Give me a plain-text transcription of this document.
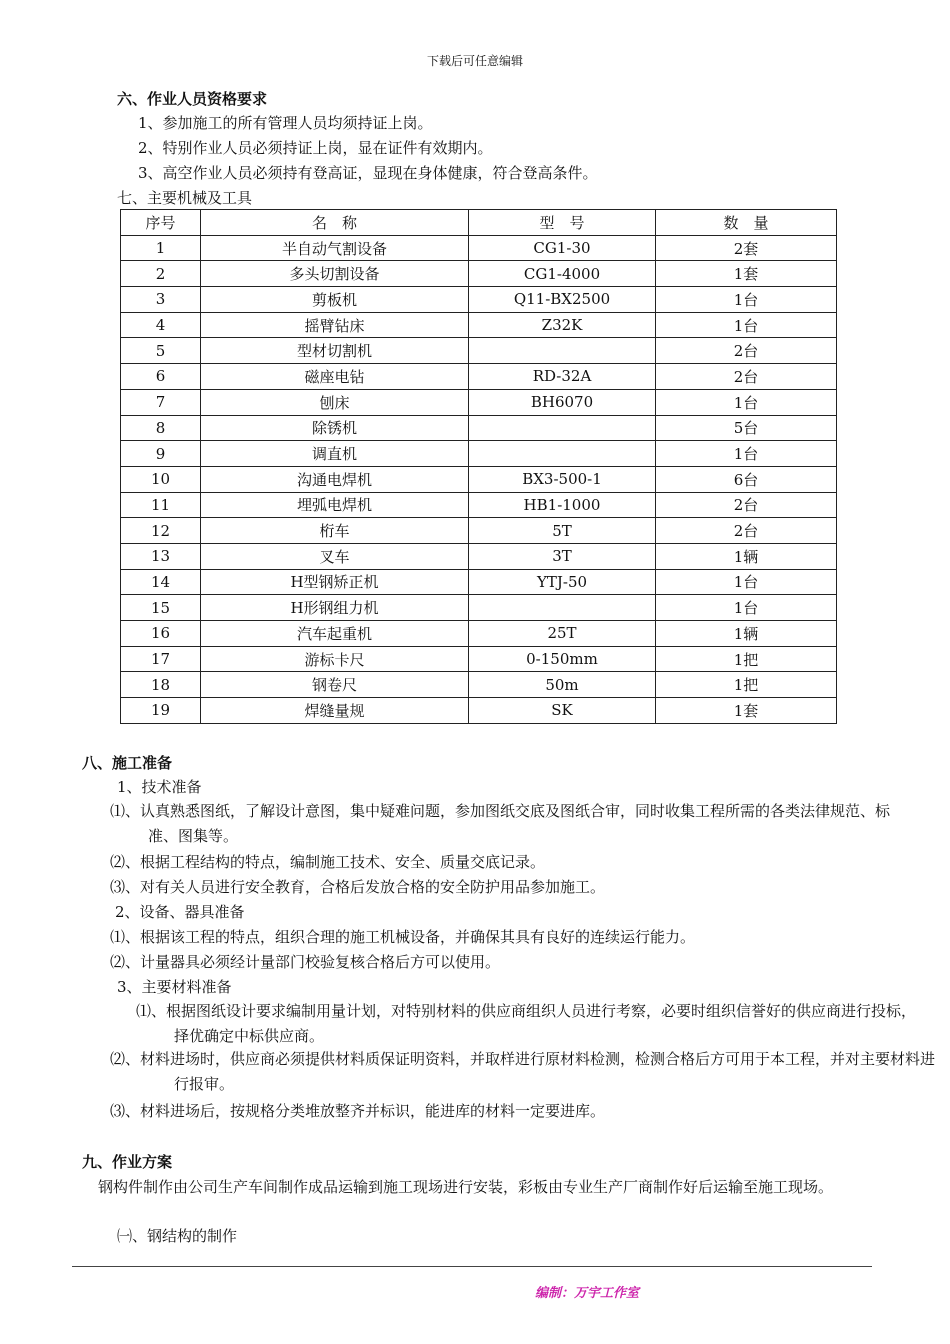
下载后可任意编辑
六、作业人员资格要求
1、参加施工的所有管理人员均须持证上岗。
2、特别作业人员必须持证上岗，显在证件有效期内。
3、高空作业人员必须持有登高证，显现在身体健康，符合登高条件。
七、主要机械及工具
序号	名　称	型　号	数　量
1	半自动气割设备	CG1-30	2套
2	多头切割设备	CG1-4000	1套
3	剪板机	Q11-BX2500	1台
4	摇臂钻床	Z32K	1台
5	型材切割机		2台
6	磁座电钻	RD-32A	2台
7	刨床	BH6070	1台
8	除锈机		5台
9	调直机		1台
10	沟通电焊机	BX3-500-1	6台
11	埋弧电焊机	HB1-1000	2台
12	桁车	5T	2台
13	叉车	3T	1辆
14	H型钢矫正机	YTJ-50	1台
15	H形钢组力机		1台
16	汽车起重机	25T	1辆
17	游标卡尺	0-150mm	1把
18	钢卷尺	50m	1把
19	焊缝量规	SK	1套
八、施工准备
1、技术准备
⑴、认真熟悉图纸，了解设计意图，集中疑难问题，参加图纸交底及图纸合审，同时收集工程所需的各类法律规范、标准、图集等。
⑵、根据工程结构的特点，编制施工技术、安全、质量交底记录。
⑶、对有关人员进行安全教育，合格后发放合格的安全防护用品参加施工。
2、设备、器具准备
⑴、根据该工程的特点，组织合理的施工机械设备，并确保其具有良好的连续运行能力。
⑵、计量器具必须经计量部门校验复核合格后方可以使用。
3、主要材料准备
⑴、根据图纸设计要求编制用量计划，对特别材料的供应商组织人员进行考察，必要时组织信誉好的供应商进行投标，择优确定中标供应商。
⑵、材料进场时，供应商必须提供材料质保证明资料，并取样进行原材料检测，检测合格后方可用于本工程，并对主要材料进行报审。
⑶、材料进场后，按规格分类堆放整齐并标识，能进库的材料一定要进库。
九、作业方案
钢构件制作由公司生产车间制作成品运输到施工现场进行安装，彩板由专业生产厂商制作好后运输至施工现场。
㈠、钢结构的制作
编制：万宇工作室
